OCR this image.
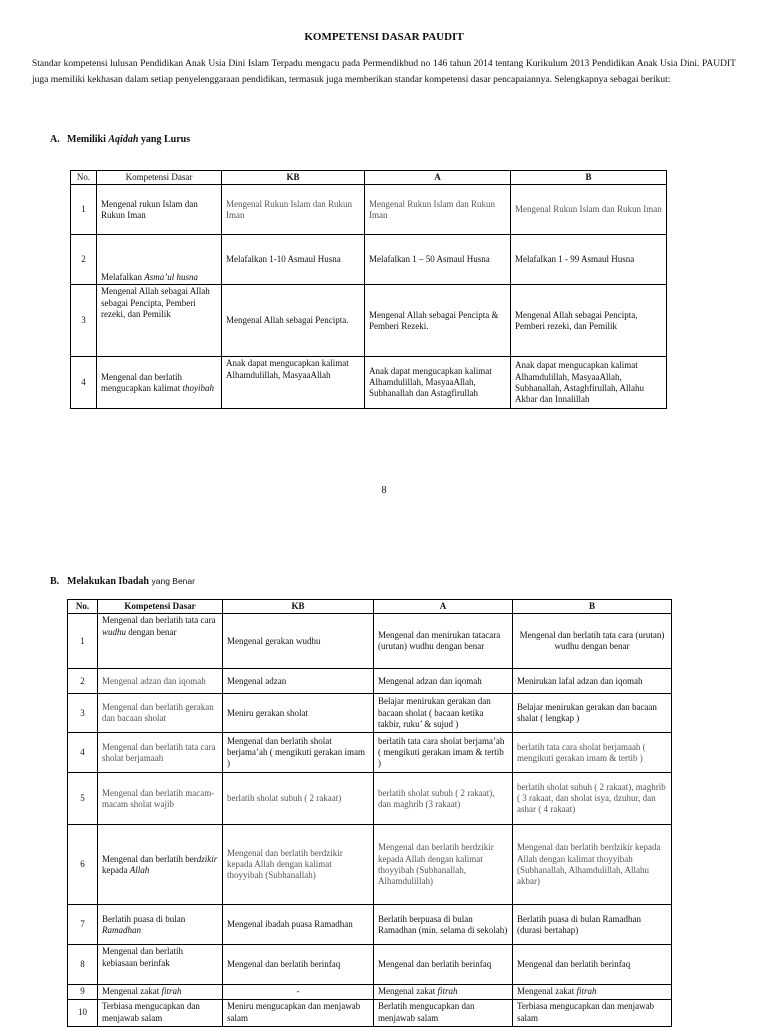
KOMPETENSI DASAR PAUDIT

Standar kompetensi lulusan Pendidikan Anak Usia Dini Islam Terpadu mengacu pada Permendikbud no 146 tahun 2014 tentang Kurikulum 2013 Pendidikan Anak Usia Dini. PAUDIT juga memiliki kekhasan dalam setiap penyelenggaraan pendidikan, termasuk juga memberikan standar kompetensi dasar pencapaiannya. Selengkapnya sebagai berikut:

A. Memiliki Aqidah yang Lurus
No.	Kompetensi Dasar	KB	A	B
1	Mengenal rukun Islam dan Rukun Iman	Mengenal Rukun Islam dan Rukun Iman	Mengenal Rukun Islam dan Rukun Iman	Mengenal Rukun Islam dan Rukun Iman
2	Melafalkan Asma’ul husna	Melafalkan 1-10 Asmaul Husna	Melafalkan 1 – 50 Asmaul Husna	Melafalkan 1 - 99 Asmaul Husna
3	Mengenal Allah sebagai Allah sebagai Pencipta, Pemberi rezeki, dan Pemilik	Mengenal Allah sebagai Pencipta.	Mengenal Allah sebagai Pencipta & Pemberi Rezeki.	Mengenal Allah sebagai Pencipta, Pemberi rezeki, dan Pemilik
4	Mengenal dan berlatih mengucapkan kalimat thoyibah	Anak dapat mengucapkan kalimat Alhamdulillah, MasyaaAllah	Anak dapat mengucapkan kalimat Alhamdulillah, MasyaaAllah, Subhanallah dan Astagfirullah	Anak dapat mengucapkan kalimat Alhamdulillah, MasyaaAllah, Subhanallah, Astaghfirullah, Allahu Akbar dan Innalillah
8
B. Melakukan Ibadah yang Benar
No.	Kompetensi Dasar	KB	A	B
1	Mengenal dan berlatih tata cara wudhu dengan benar	Mengenal gerakan wudhu	Mengenal dan menirukan tatacara (urutan) wudhu dengan benar	Mengenal dan berlatih tata cara (urutan) wudhu dengan benar
2	Mengenal adzan dan iqomah	Mengenal adzan	Mengenal adzan dan iqomah	Menirukan lafal adzan dan iqomah
3	Mengenal dan berlatih gerakan dan bacaan sholat	Meniru gerakan sholat	Belajar menirukan gerakan dan bacaan sholat ( bacaan ketika takbir, ruku’ & sujud )	Belajar menirukan gerakan dan bacaan shalat ( lengkap )
4	Mengenal dan berlatih tata cara sholat berjamaah	Mengenal dan berlatih sholat berjama’ah ( mengikuti gerakan imam )	berlatih tata cara sholat berjama’ah ( mengikuti gerakan imam & tertib )	berlatih tata cara sholat berjamaah ( mengikuti gerakan imam & tertib )
5	Mengenal dan berlatih macam-macam sholat wajib	berlatih sholat subuh ( 2 rakaat)	berlatih sholat subuh ( 2 rakaat), dan maghrib (3 rakaat)	berlatih sholat subuh ( 2 rakaat), maghrib ( 3 rakaat, dan sholat isya, dzuhur, dan ashar ( 4 rakaat)
6	Mengenal dan berlatih berdzikir kepada Allah	Mengenal dan berlatih berdzikir kepada Allah dengan kalimat thoyyibah (Subhanallah)	Mengenal dan berlatih berdzikir kepada Allah dengan kalimat thoyyibah (Subhanallah, Alhamdulillah)	Mengenal dan berlatih berdzikir kepada Allah dengan kalimat thoyyibah (Subhanallah, Alhamdulillah, Allahu akbar)
7	Berlatih puasa di bulan Ramadhan	Mengenal ibadah puasa Ramadhan	Berlatih berpuasa di bulan Ramadhan (min. selama di sekolah)	Berlatih puasa di bulan Ramadhan (durasi bertahap)
8	Mengenal dan berlatih kebiasaan berinfak	Mengenal dan berlatih berinfaq	Mengenal dan berlatih berinfaq	Mengenal dan berlatih berinfaq
9	Mengenal zakat fitrah	-	Mengenal zakat fitrah	Mengenal zakat fitrah
10	Terbiasa mengucapkan dan menjawab salam	Meniru mengucapkan dan menjawab salam	Berlatih mengucapkan dan menjawab salam	Terbiasa mengucapkan dan menjawab salam
